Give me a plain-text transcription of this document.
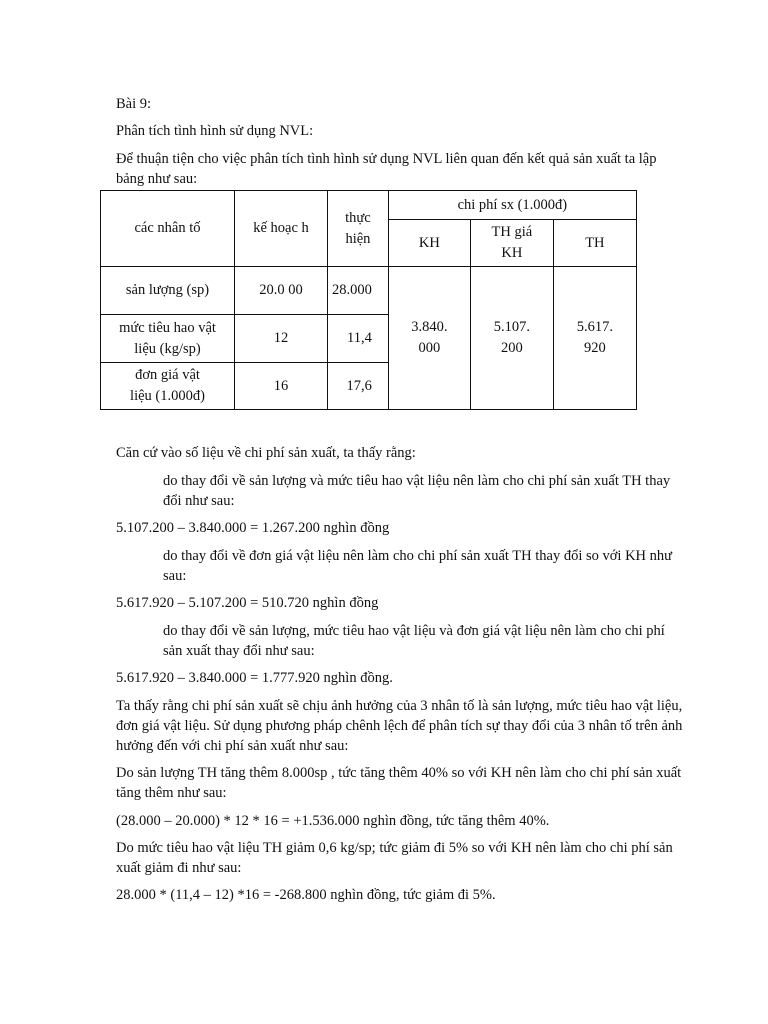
Bài 9:

Phân tích tình hình sử dụng NVL:

Để thuận tiện cho việc phân tích tình hình sử dụng NVL liên quan đến kết quả sản xuất ta lập bảng như sau:

các nhân tố	kế hoạc h	thực hiện	chi phí sx (1.000đ)		
			KH	TH giá KH	TH
sản lượng (sp)	20.0 00	28.000	3.840. 000	5.107. 200	5.617. 920
mức tiêu hao vật liệu (kg/sp)	12	11,4			
đơn giá vật liệu (1.000đ)	16	17,6			

Căn cứ vào số liệu về chi phí sản xuất, ta thấy rằng:

do thay đổi về sản lượng và mức tiêu hao vật liệu nên làm cho chi phí sản xuất TH thay đổi như sau:

5.107.200 – 3.840.000 = 1.267.200 nghìn đồng

do thay đổi về đơn giá vật liệu nên làm cho chi phí sản xuất TH thay đổi so với KH như sau:

5.617.920 – 5.107.200 = 510.720 nghìn đồng

do thay đổi về sản lượng, mức tiêu hao vật liệu và đơn giá vật liệu nên làm cho chi phí sản xuất thay đổi như sau:

5.617.920 – 3.840.000 = 1.777.920 nghìn đồng.

Ta thấy rằng chi phí sản xuất sẽ chịu ảnh hưởng của 3 nhân tố là sản lượng, mức tiêu hao vật liệu, đơn giá vật liệu. Sử dụng phương pháp chênh lệch để phân tích sự thay đổi của 3 nhân tố trên ảnh hưởng đến với chi phí sản xuất như sau:

Do sản lượng TH tăng thêm 8.000sp , tức tăng thêm 40% so với KH nên làm cho chi phí sản xuất tăng thêm như sau:

(28.000 – 20.000) * 12 * 16 = +1.536.000 nghìn đồng, tức tăng thêm 40%.

Do mức tiêu hao vật liệu TH giảm 0,6 kg/sp; tức giảm đi 5% so với KH nên làm cho chi phí sản xuất giảm đi như sau:

28.000 * (11,4 – 12) *16 = -268.800 nghìn đồng, tức giảm đi 5%.
